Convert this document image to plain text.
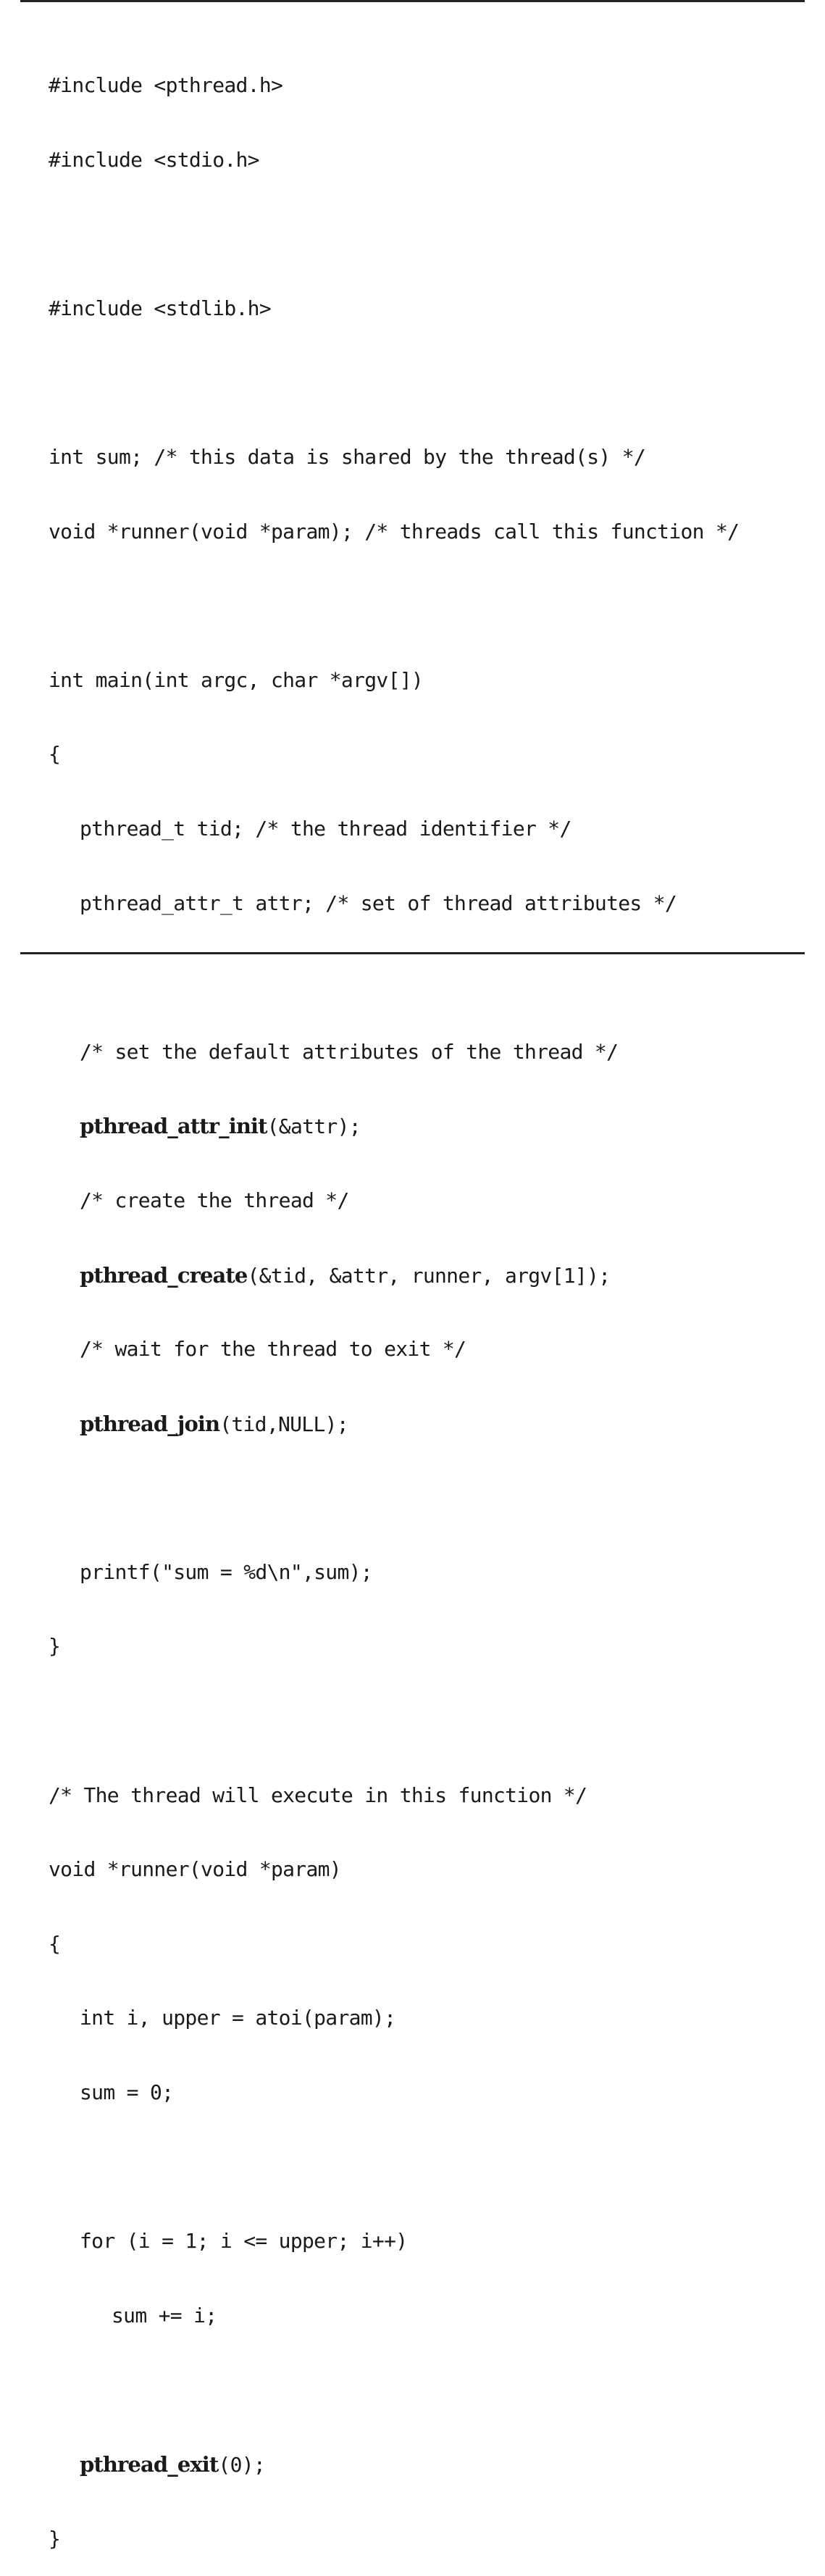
#include <pthread.h>

#include <stdio.h>

#include <stdlib.h>

int sum; /* this data is shared by the thread(s) */

void *runner(void *param); /* threads call this function */

int main(int argc, char *argv[])

{

pthread_t tid; /* the thread identifier */

pthread_attr_t attr; /* set of thread attributes */

/* set the default attributes of the thread */

pthread_attr_init(&attr);

/* create the thread */

pthread_create(&tid, &attr, runner, argv[1]);

/* wait for the thread to exit */

pthread_join(tid,NULL);

printf("sum = %d\n",sum);

}

/* The thread will execute in this function */

void *runner(void *param)

{

int i, upper = atoi(param);

sum = 0;

for (i = 1; i <= upper; i++)

sum += i;

pthread_exit(0);

}
